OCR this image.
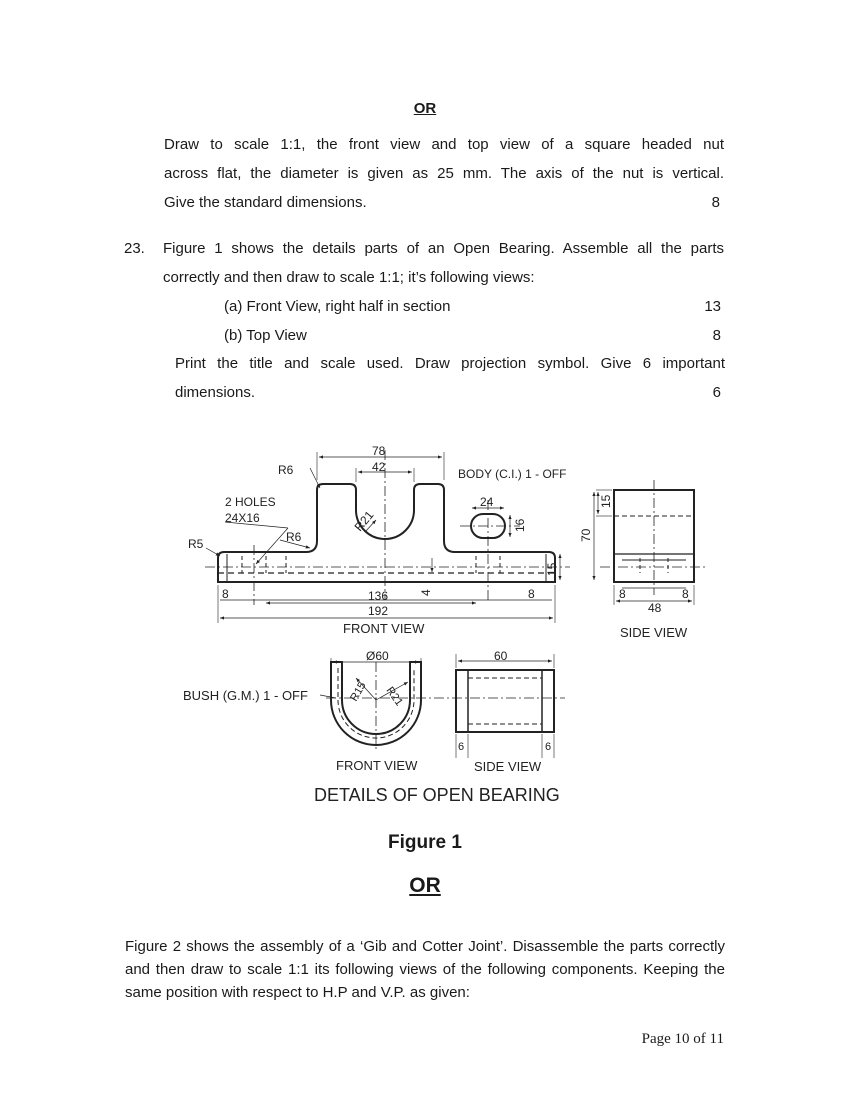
OR
Draw to scale 1:1, the front view and top view of a square headed nut
across flat, the diameter is given as 25 mm. The axis of the nut is vertical.
Give the standard dimensions.	8
23. Figure 1 shows the details parts of an Open Bearing. Assemble all the parts
correctly and then draw to scale 1:1; it’s following views:
(a) Front View, right half in section	13
(b) Top View	8
Print the title and scale used. Draw projection symbol. Give 6 important
dimensions.	6
78
42
R6	BODY (C.I.) 1 - OFF
2 HOLES
24X16
R6
R5
R21
24
16
15
70
15
8	136	4	8
192
FRONT VIEW
8	8
48
SIDE VIEW
Ø60	60
BUSH (G.M.) 1 - OFF	R15 R21
6	6
FRONT VIEW	SIDE VIEW
DETAILS OF OPEN BEARING
Figure 1
OR
Figure 2 shows the assembly of a ‘Gib and Cotter Joint’. Disassemble the parts correctly and then draw to scale 1:1 its following views of the following components. Keeping the same position with respect to H.P and V.P. as given:
Page 10 of 11
